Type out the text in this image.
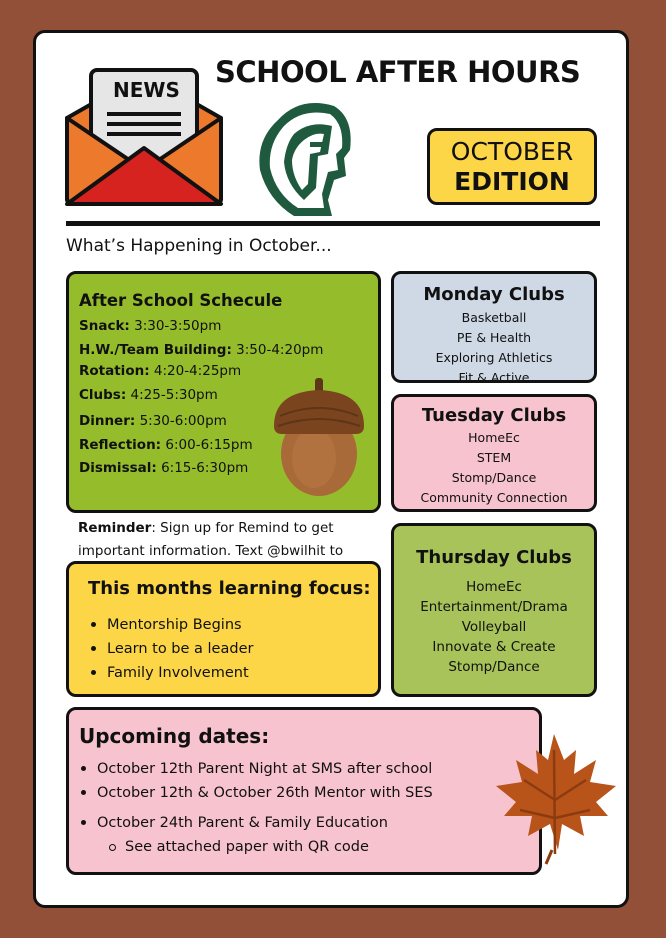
NEWS
SCHOOL AFTER HOURS
OCTOBER
EDITION
What’s Happening in October...
After School Schecule
Snack: 3:30-3:50pm
H.W./Team Building: 3:50-4:20pm
Rotation: 4:20-4:25pm
Clubs: 4:25-5:30pm
Dinner: 5:30-6:00pm
Reflection: 6:00-6:15pm
Dismissal: 6:15-6:30pm
Reminder: Sign up for Remind to get important information. Text @bwilhit to
This months learning focus:
Mentorship Begins
Learn to be a leader
Family Involvement
Monday Clubs
Basketball
PE & Health
Exploring Athletics
Fit & Active
Tuesday Clubs
HomeEc
STEM
Stomp/Dance
Community Connection
Thursday Clubs
HomeEc
Entertainment/Drama
Volleyball
Innovate & Create
Stomp/Dance
Upcoming dates:
October 12th Parent Night at SMS after school
October 12th & October 26th Mentor with SES
October 24th Parent & Family Education
See attached paper with QR code
